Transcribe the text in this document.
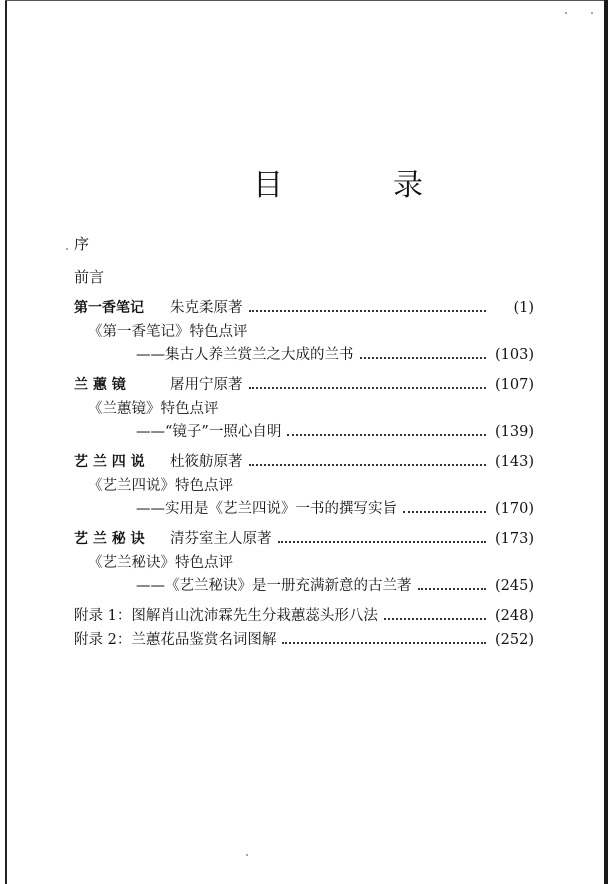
目　录
序
前言
第一香笔记	朱克柔原著	(1)
《第一香笔记》特色点评
——集古人养兰赏兰之大成的兰书	(103)
兰 蕙 镜	屠用宁原著	(107)
《兰蕙镜》特色点评
——“镜子”一照心自明	(139)
艺 兰 四 说	杜筱舫原著	(143)
《艺兰四说》特色点评
——实用是《艺兰四说》一书的撰写实旨	(170)
艺 兰 秘 诀	清芬室主人原著	(173)
《艺兰秘诀》特色点评
——《艺兰秘诀》是一册充满新意的古兰著	(245)
附录 1：图解肖山沈沛霖先生分栽蕙蕊头形八法	(248)
附录 2：兰蕙花品鉴赏名词图解	(252)
